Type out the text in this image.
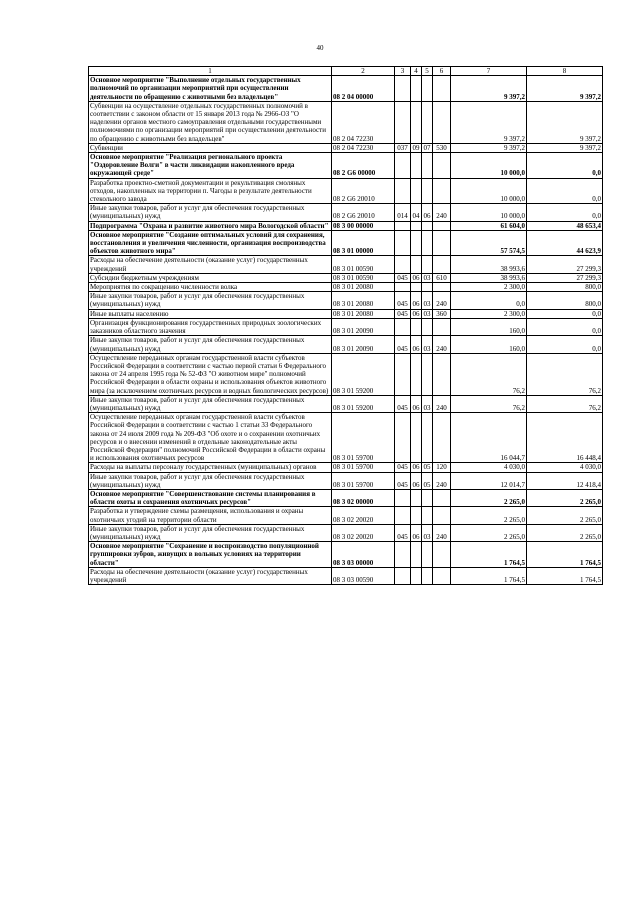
40
1	2	3	4	5	6	7	8
Основное мероприятие "Выполнение отдельных государственных полномочий по организации мероприятий при осуществлении деятельности по обращению с животными без владельцев"	08 2 04 00000					9 397,2	9 397,2
Субвенции на осуществление отдельных государственных полномочий в соответствии с законом области от 15 января 2013 года № 2966-ОЗ "О наделении органов местного самоуправления отдельными государственными полномочиями по организации мероприятий при осуществлении деятельности по обращению с животными без владельцев"	08 2 04 72230					9 397,2	9 397,2
Субвенции	08 2 04 72230	037	09	07	530	9 397,2	9 397,2
Основное мероприятие "Реализация регионального проекта "Оздоровление Волги" в части ликвидации накопленного вреда окружающей среде"	08 2 G6 00000					10 000,0	0,0
Разработка проектно-сметной документации и рекультивация смоляных отходов, накопленных на территории п. Чагоды в результате деятельности стекольного завода	08 2 G6 20010					10 000,0	0,0
Иные закупки товаров, работ и услуг для обеспечения государственных (муниципальных) нужд	08 2 G6 20010	014	04	06	240	10 000,0	0,0
Подпрограмма "Охрана и развитие животного мира Вологодской области"	08 3 00 00000					61 604,0	48 653,4
Основное мероприятие "Создание оптимальных условий для сохранения, восстановления и увеличения численности, организация воспроизводства объектов животного мира"	08 3 01 00000					57 574,5	44 623,9
Расходы на обеспечение деятельности (оказание услуг) государственных учреждений	08 3 01 00590					38 993,6	27 299,3
Субсидии бюджетным учреждениям	08 3 01 00590	045	06	03	610	38 993,6	27 299,3
Мероприятия по сокращению численности волка	08 3 01 20080					2 300,0	800,0
Иные закупки товаров, работ и услуг для обеспечения государственных (муниципальных) нужд	08 3 01 20080	045	06	03	240	0,0	800,0
Иные выплаты населению	08 3 01 20080	045	06	03	360	2 300,0	0,0
Организация функционирования государственных природных зоологических заказников областного значения	08 3 01 20090					160,0	0,0
Иные закупки товаров, работ и услуг для обеспечения государственных (муниципальных) нужд	08 3 01 20090	045	06	03	240	160,0	0,0
Осуществление переданных органам государственной власти субъектов Российской Федерации в соответствии с частью первой статьи 6 Федерального закона от 24 апреля 1995 года № 52-ФЗ "О животном мире" полномочий Российской Федерации в области охраны и использования объектов животного мира (за исключением охотничьих ресурсов и водных биологических ресурсов)	08 3 01 59200					76,2	76,2
Иные закупки товаров, работ и услуг для обеспечения государственных (муниципальных) нужд	08 3 01 59200	045	06	03	240	76,2	76,2
Осуществление переданных органам государственной власти субъектов Российской Федерации в соответствии с частью 1 статьи 33 Федерального закона от 24 июля 2009 года № 209-ФЗ "Об охоте и о сохранении охотничьих ресурсов и о внесении изменений в отдельные законодательные акты Российской Федерации" полномочий Российской Федерации в области охраны и использования охотничьих ресурсов	08 3 01 59700					16 044,7	16 448,4
Расходы на выплаты персоналу государственных (муниципальных) органов	08 3 01 59700	045	06	05	120	4 030,0	4 030,0
Иные закупки товаров, работ и услуг для обеспечения государственных (муниципальных) нужд	08 3 01 59700	045	06	05	240	12 014,7	12 418,4
Основное мероприятие "Совершенствование системы планирования в области охоты и сохранения охотничьих ресурсов"	08 3 02 00000					2 265,0	2 265,0
Разработка и утверждение схемы размещения, использования и охраны охотничьих угодий на территории области	08 3 02 20020					2 265,0	2 265,0
Иные закупки товаров, работ и услуг для обеспечения государственных (муниципальных) нужд	08 3 02 20020	045	06	03	240	2 265,0	2 265,0
Основное мероприятие "Сохранение и воспроизводство популяционной группировки зубров, живущих в вольных условиях на территории области"	08 3 03 00000					1 764,5	1 764,5
Расходы на обеспечение деятельности (оказание услуг) государственных учреждений	08 3 03 00590					1 764,5	1 764,5
